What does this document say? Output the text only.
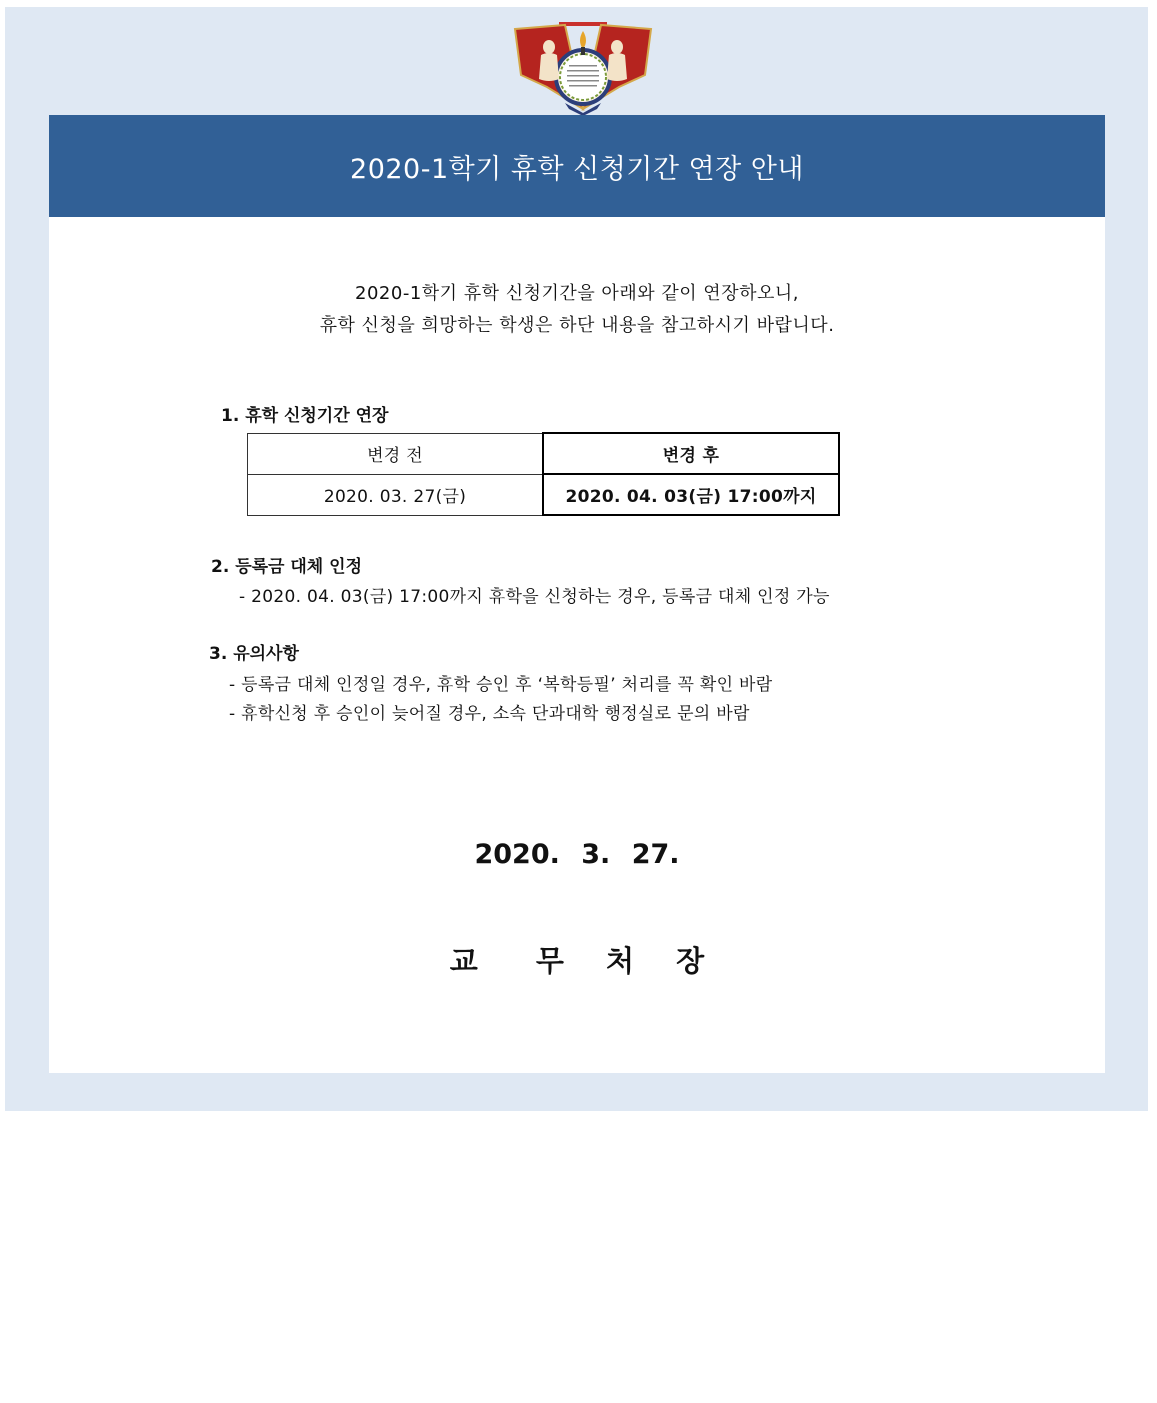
2020-1학기 휴학 신청기간 연장 안내
2020-1학기 휴학 신청기간을 아래와 같이 연장하오니,
휴학 신청을 희망하는 학생은 하단 내용을 참고하시기 바랍니다.
1. 휴학 신청기간 연장
변경 전	변경 후
2020. 03. 27(금)	2020. 04. 03(금) 17:00까지
2. 등록금 대체 인정
- 2020. 04. 03(금) 17:00까지 휴학을 신청하는 경우, 등록금 대체 인정 가능
3. 유의사항
- 등록금 대체 인정일 경우, 휴학 승인 후 ‘복학등필’ 처리를 꼭 확인 바람
- 휴학신청 후 승인이 늦어질 경우, 소속 단과대학 행정실로 문의 바람
2020. 3. 27.
교 무 처 장
